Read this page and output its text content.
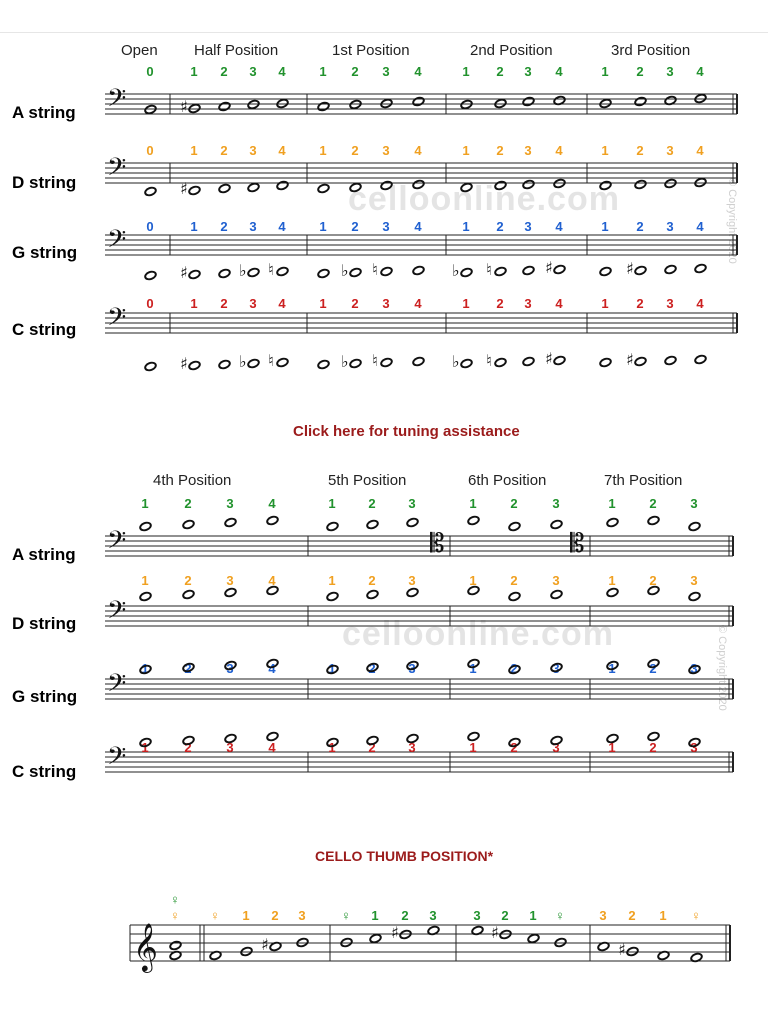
Open Half Position	1st Position	2nd Position	3rd Position
A string
D string
G string
C string
celloonline.com	© Copyright 2020
𝄢
𝄢
𝄢
𝄢
0	1
♯
2	3	4	1	2	3	4	1	2	3	4	1	2	3	4
0	1
♯
2	3	4	1	2	3	4	1	2	3	4	1	2	3	4
0	1
♯
2	3
♭
4
♮
1	2
♭
3
♮
4	1
♭
2
♮
3	4
♯
1	2
♯
3	4
0	1
♯
2	3
♭
4
♮
1	2
♭
3
♮
4	1
♭
2
♮
3	4
♯
1	2
♯
3	4
Click here for tuning assistance
4th Position	5th Position	6th Position	7th Position
A string
D string
G string
C string
celloonline.com	© Copyright 2020
𝄢
𝄢
𝄢
𝄢
𝄡	𝄡
1	2	3	4	1	2	3	1	2	3	1	2	3
1	2	3	4	1	2	3	1	2	3	1	2	3
1	2	3	4	1	2	3	1	2	3	1	2	3
1	2	3	4	1	2	3	1	2	3	1	2	3
CELLO THUMB POSITION*
𝄞
♀
♀ ♀	1	2	3	♀	1	2	3	3	2	1	♀	3	2	1	♀
♯
♯	♯
♯
